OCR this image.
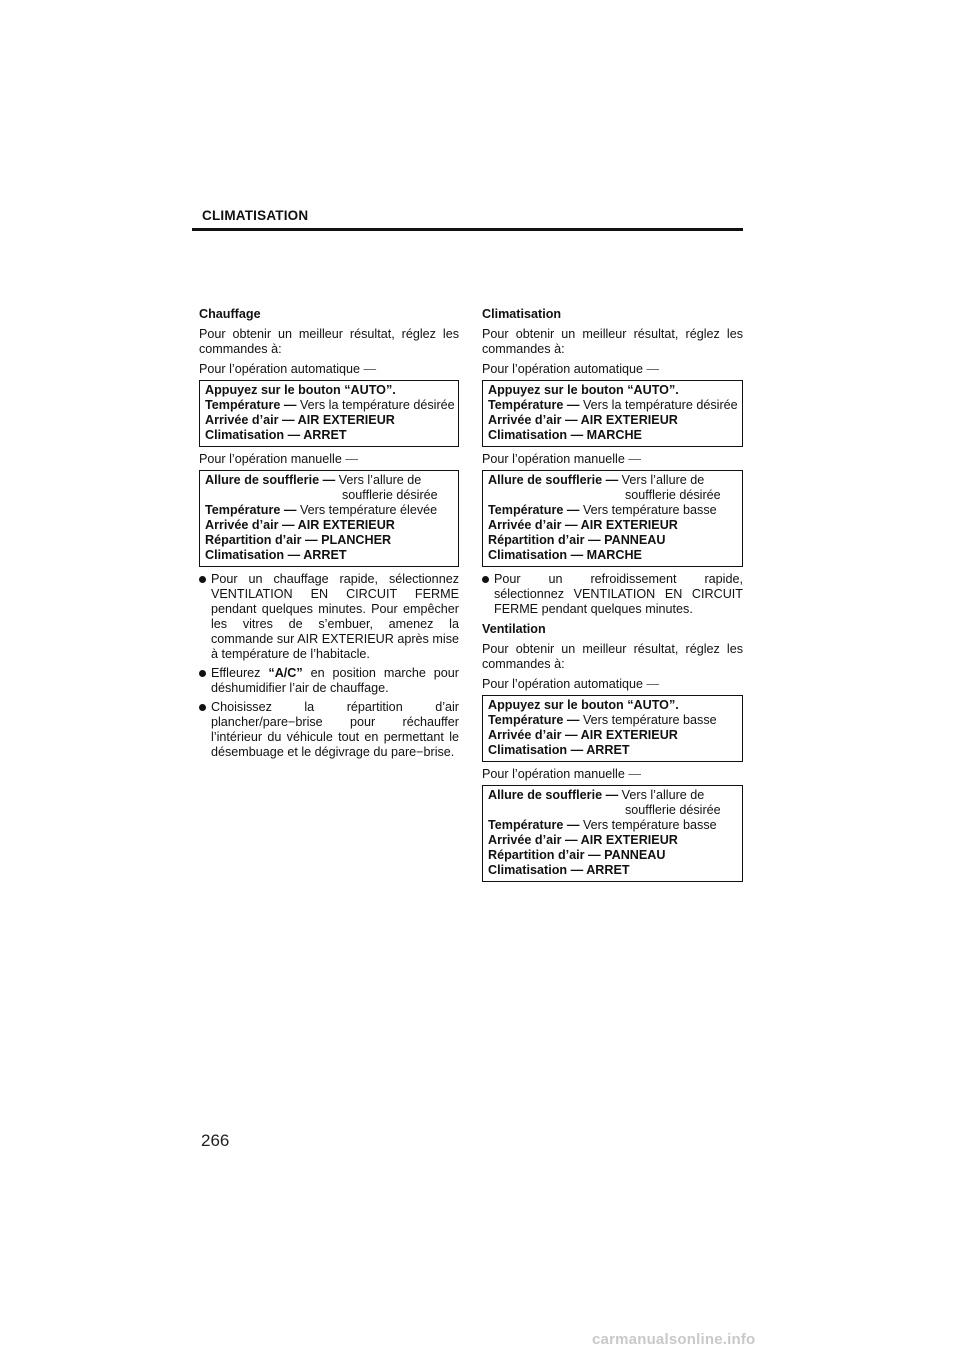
CLIMATISATION
Chauffage
Pour obtenir un meilleur résultat, réglez les commandes à:
Pour l’opération automatique —
Appuyez sur le bouton “AUTO”.
Température — Vers la température désirée
Arrivée d’air — AIR EXTERIEUR
Climatisation — ARRET
Pour l’opération manuelle —
Allure de soufflerie — Vers l’allure de
soufflerie désirée
Température — Vers température élevée
Arrivée d’air — AIR EXTERIEUR
Répartition d’air — PLANCHER
Climatisation — ARRET
Pour un chauffage rapide, sélectionnez VENTILATION EN CIRCUIT FERME pendant quelques minutes. Pour empêcher les vitres de s’embuer, amenez la commande sur AIR EXTERIEUR après mise à température de l’habitacle.
Effleurez “A/C” en position marche pour déshumidifier l’air de chauffage.
Choisissez la répartition d’air plancher/pare−brise pour réchauffer l’intérieur du véhicule tout en permettant le désembuage et le dégivrage du pare−brise.
Climatisation
Pour obtenir un meilleur résultat, réglez les commandes à:
Pour l’opération automatique —
Appuyez sur le bouton “AUTO”.
Température — Vers la température désirée
Arrivée d’air — AIR EXTERIEUR
Climatisation — MARCHE
Pour l’opération manuelle —
Allure de soufflerie — Vers l’allure de
soufflerie désirée
Température — Vers température basse
Arrivée d’air — AIR EXTERIEUR
Répartition d’air — PANNEAU
Climatisation — MARCHE
Pour un refroidissement rapide, sélectionnez VENTILATION EN CIRCUIT FERME pendant quelques minutes.
Ventilation
Pour obtenir un meilleur résultat, réglez les commandes à:
Pour l’opération automatique —
Appuyez sur le bouton “AUTO”.
Température — Vers température basse
Arrivée d’air — AIR EXTERIEUR
Climatisation — ARRET
Pour l’opération manuelle —
Allure de soufflerie — Vers l’allure de
soufflerie désirée
Température — Vers température basse
Arrivée d’air — AIR EXTERIEUR
Répartition d’air — PANNEAU
Climatisation — ARRET
266
carmanualsonline.info
